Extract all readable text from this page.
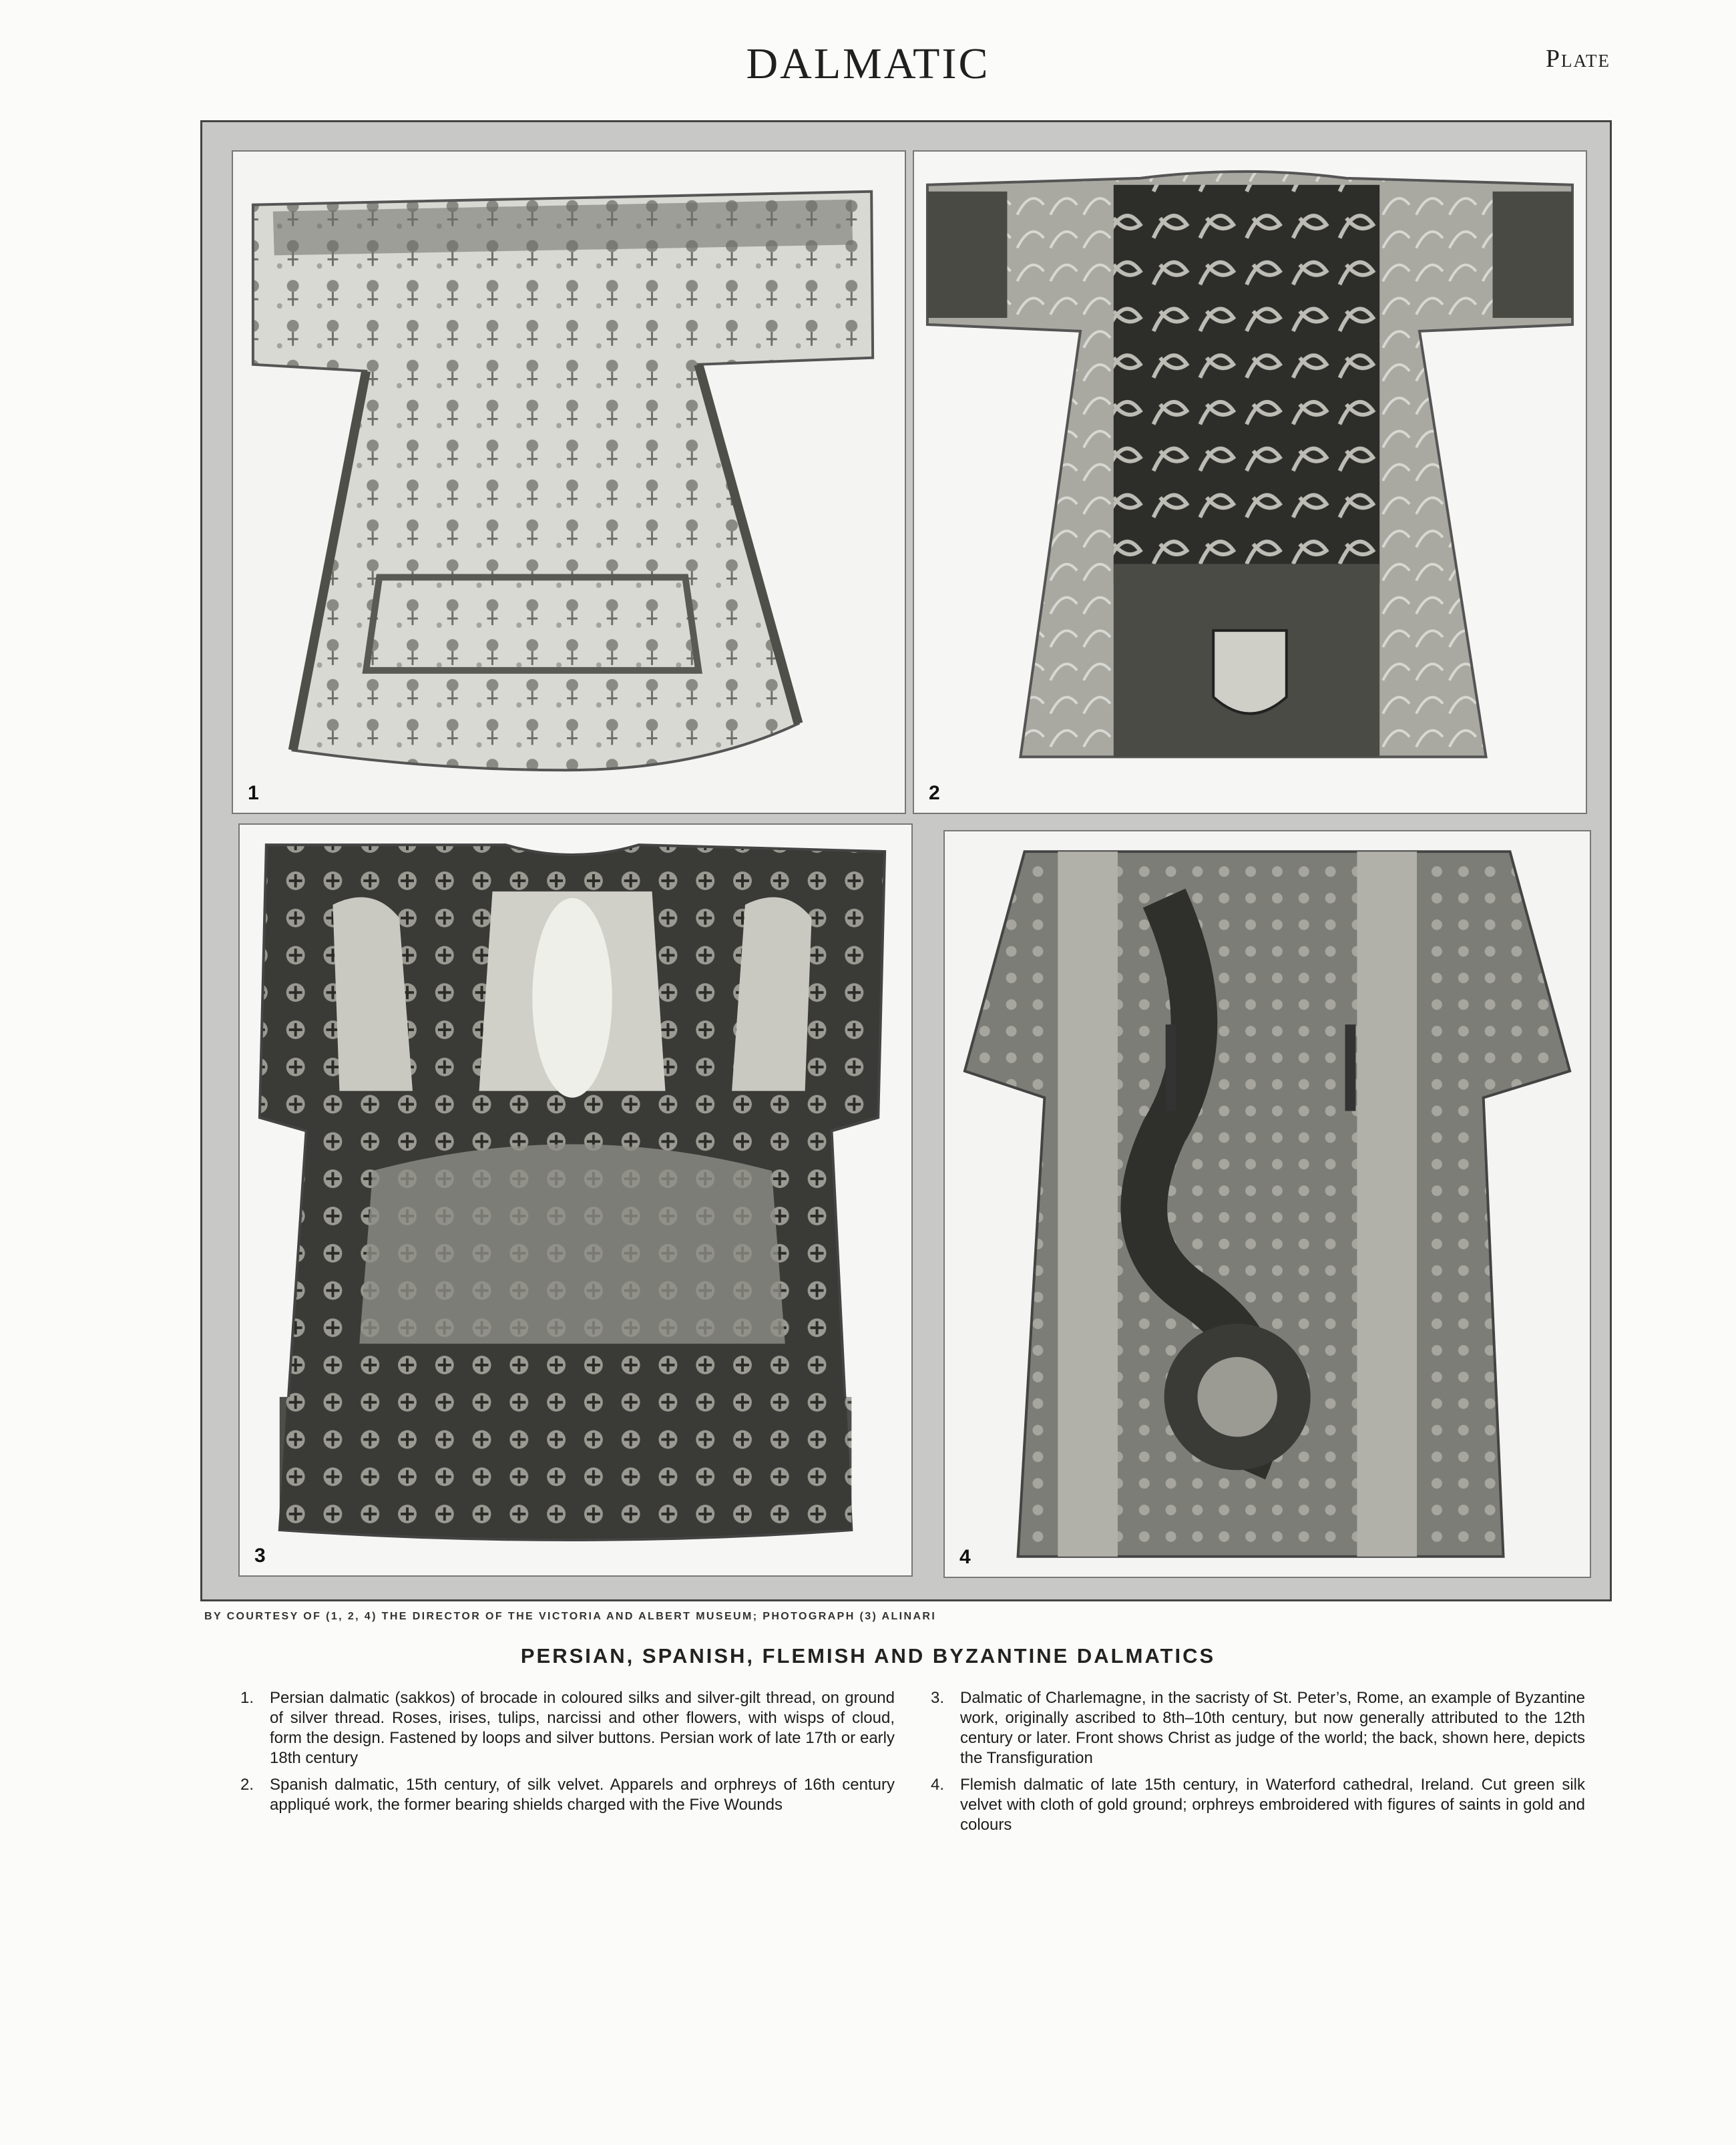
DALMATIC	Plate
1	2
3	4
BY COURTESY OF (1, 2, 4) THE DIRECTOR OF THE VICTORIA AND ALBERT MUSEUM; PHOTOGRAPH (3) ALINARI
PERSIAN, SPANISH, FLEMISH AND BYZANTINE DALMATICS
1. Persian dalmatic (sakkos) of brocade in coloured silks and silver-gilt thread, on ground of silver thread. Roses, irises, tulips, narcissi and other flowers, with wisps of cloud, form the design. Fastened by loops and silver buttons. Persian work of late 17th or early 18th century
2. Spanish dalmatic, 15th century, of silk velvet. Apparels and orphreys of 16th century appliqué work, the former bearing shields charged with the Five Wounds
3. Dalmatic of Charlemagne, in the sacristy of St. Peter’s, Rome, an example of Byzantine work, originally ascribed to 8th–10th century, but now generally attributed to the 12th century or later. Front shows Christ as judge of the world; the back, shown here, depicts the Transfiguration
4. Flemish dalmatic of late 15th century, in Waterford cathedral, Ireland. Cut green silk velvet with cloth of gold ground; orphreys embroidered with figures of saints in gold and colours
